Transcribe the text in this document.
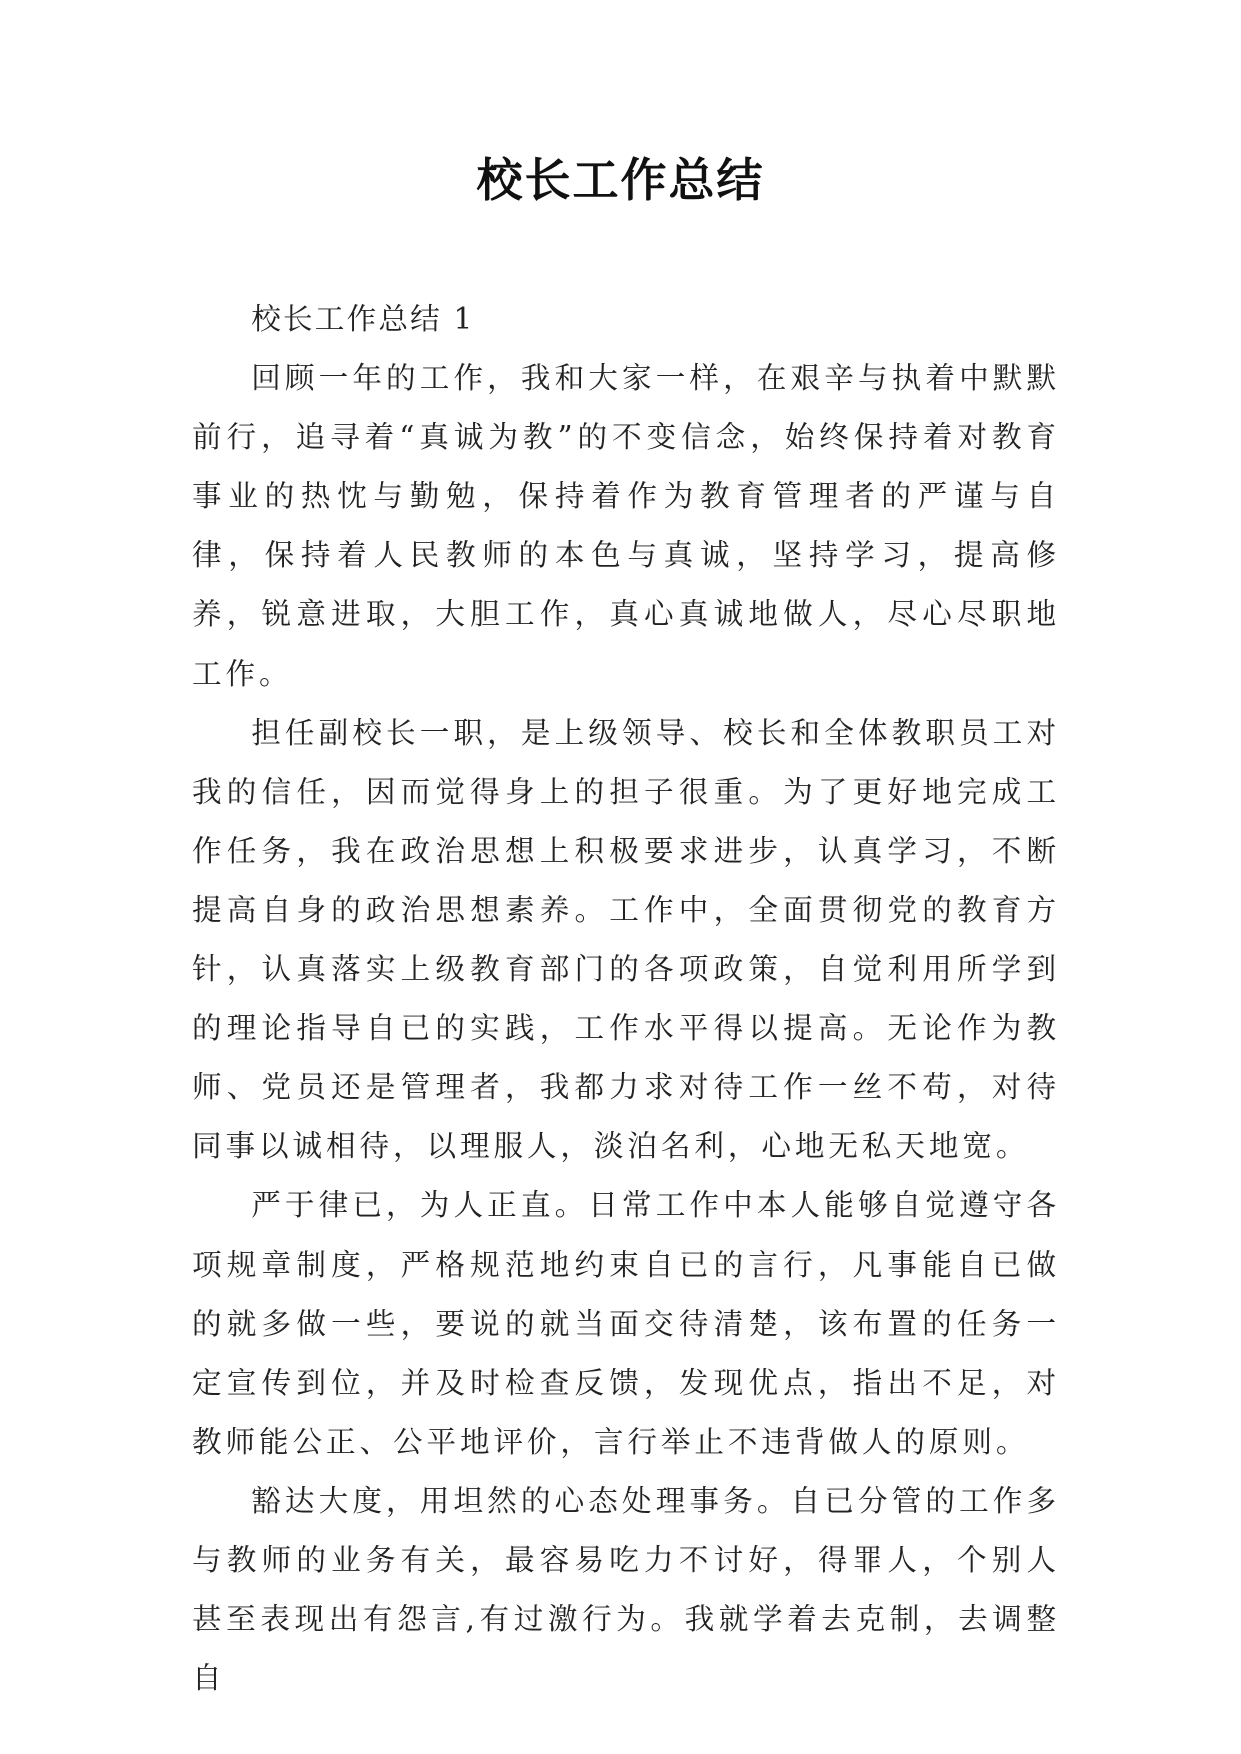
校长工作总结

校长工作总结 1

回顾一年的工作，我和大家一样，在艰辛与执着中默默前行，追寻着“真诚为教”的不变信念，始终保持着对教育事业的热忱与勤勉，保持着作为教育管理者的严谨与自律，保持着人民教师的本色与真诚，坚持学习，提高修养，锐意进取，大胆工作，真心真诚地做人，尽心尽职地工作。

担任副校长一职，是上级领导、校长和全体教职员工对我的信任，因而觉得身上的担子很重。为了更好地完成工作任务，我在政治思想上积极要求进步，认真学习，不断提高自身的政治思想素养。工作中，全面贯彻党的教育方针，认真落实上级教育部门的各项政策，自觉利用所学到的理论指导自已的实践，工作水平得以提高。无论作为教师、党员还是管理者，我都力求对待工作一丝不苟，对待同事以诚相待，以理服人，淡泊名利，心地无私天地宽。

严于律已，为人正直。日常工作中本人能够自觉遵守各项规章制度，严格规范地约束自已的言行，凡事能自已做的就多做一些，要说的就当面交待清楚，该布置的任务一定宣传到位，并及时检查反馈，发现优点，指出不足，对教师能公正、公平地评价，言行举止不违背做人的原则。

豁达大度，用坦然的心态处理事务。自已分管的工作多与教师的业务有关，最容易吃力不讨好，得罪人，个别人甚至表现出有怨言,有过激行为。我就学着去克制，去调整自
